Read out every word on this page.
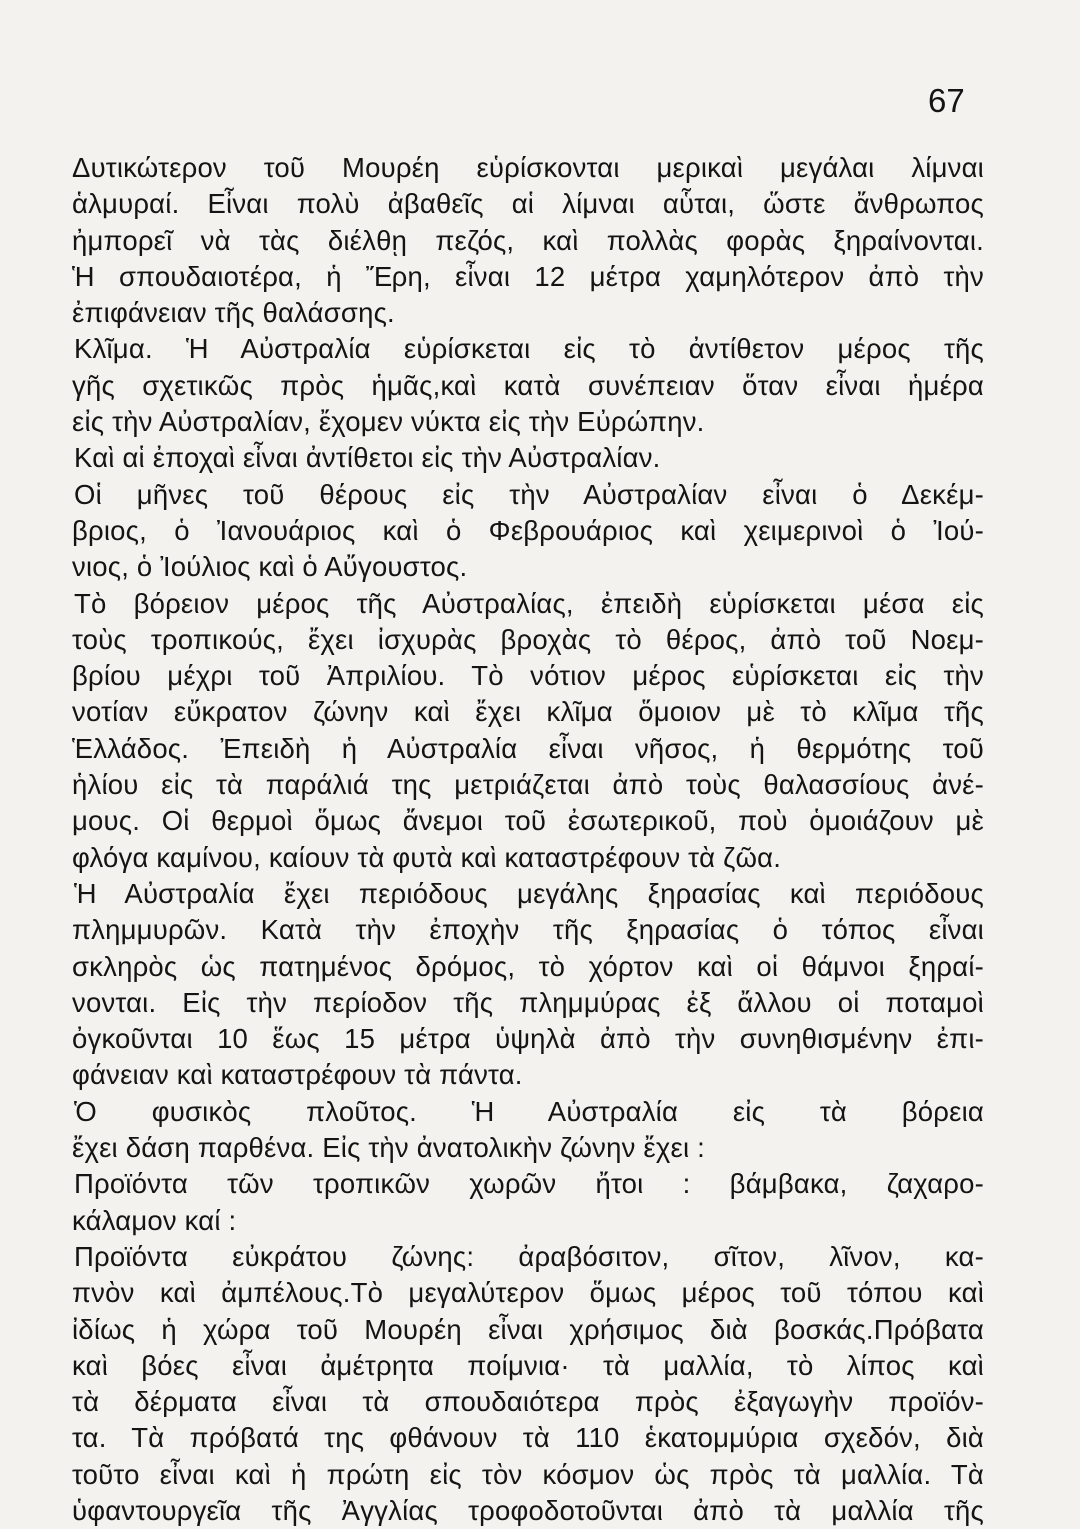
67
Δυτικώτερον τοῦ Μουρέη εὑρίσκονται μερικαὶ μεγάλαι λίμναι
ἁλμυραί. Εἶναι πολὺ ἀβαθεῖς αἱ λίμναι αὗται, ὥστε ἄνθρωπος
ἠμπορεῖ νὰ τὰς διέλθῃ πεζός, καὶ πολλὰς φορὰς ξηραίνονται.
Ἡ σπουδαιοτέρα, ἡ Ἔρη, εἶναι 12 μέτρα χαμηλότερον ἀπὸ τὴν
ἐπιφάνειαν τῆς θαλάσσης.
Κλῖμα. Ἡ Αὐστραλία εὑρίσκεται εἰς τὸ ἀντίθετον μέρος τῆς
γῆς σχετικῶς πρὸς ἡμᾶς,καὶ κατὰ συνέπειαν ὅταν εἶναι ἡμέρα
εἰς τὴν Αὐστραλίαν, ἔχομεν νύκτα εἰς τὴν Εὐρώπην.
Καὶ αἱ ἐποχαὶ εἶναι ἀντίθετοι εἰς τὴν Αὐστραλίαν.
Οἱ μῆνες τοῦ θέρους εἰς τὴν Αὐστραλίαν εἶναι ὁ Δεκέμ-
βριος, ὁ Ἰανουάριος καὶ ὁ Φεβρουάριος καὶ χειμερινοὶ ὁ Ἰού-
νιος, ὁ Ἰούλιος καὶ ὁ Αὔγουστος.
Τὸ βόρειον μέρος τῆς Αὐστραλίας, ἐπειδὴ εὑρίσκεται μέσα εἰς
τοὺς τροπικούς, ἔχει ἰσχυρὰς βροχὰς τὸ θέρος, ἀπὸ τοῦ Νοεμ-
βρίου μέχρι τοῦ Ἀπριλίου. Τὸ νότιον μέρος εὑρίσκεται εἰς τὴν
νοτίαν εὔκρατον ζώνην καὶ ἔχει κλῖμα ὅμοιον μὲ τὸ κλῖμα τῆς
Ἑλλάδος. Ἐπειδὴ ἡ Αὐστραλία εἶναι νῆσος, ἡ θερμότης τοῦ
ἡλίου εἰς τὰ παράλιά της μετριάζεται ἀπὸ τοὺς θαλασσίους ἀνέ-
μους. Οἱ θερμοὶ ὅμως ἄνεμοι τοῦ ἐσωτερικοῦ, ποὺ ὁμοιάζουν μὲ
φλόγα καμίνου, καίουν τὰ φυτὰ καὶ καταστρέφουν τὰ ζῶα.
Ἡ Αὐστραλία ἔχει περιόδους μεγάλης ξηρασίας καὶ περιόδους
πλημμυρῶν. Κατὰ τὴν ἐποχὴν τῆς ξηρασίας ὁ τόπος εἶναι
σκληρὸς ὡς πατημένος δρόμος, τὸ χόρτον καὶ οἱ θάμνοι ξηραί-
νονται. Εἰς τὴν περίοδον τῆς πλημμύρας ἐξ ἄλλου οἱ ποταμοὶ
ὀγκοῦνται 10 ἕως 15 μέτρα ὑψηλὰ ἀπὸ τὴν συνηθισμένην ἐπι-
φάνειαν καὶ καταστρέφουν τὰ πάντα.
Ὁ φυσικὸς πλοῦτος. Ἡ Αὐστραλία εἰς τὰ βόρεια
ἔχει δάση παρθένα. Εἰς τὴν ἀνατολικὴν ζώνην ἔχει :
Προϊόντα τῶν τροπικῶν χωρῶν ἤτοι : βάμβακα, ζαχαρο-
κάλαμον καί :
Προϊόντα εὐκράτου ζώνης: ἀραβόσιτον, σῖτον, λῖνον, κα-
πνὸν καὶ ἀμπέλους.Τὸ μεγαλύτερον ὅμως μέρος τοῦ τόπου καὶ
ἰδίως ἡ χώρα τοῦ Μουρέη εἶναι χρήσιμος διὰ βοσκάς.Πρόβατα
καὶ βόες εἶναι ἀμέτρητα ποίμνια· τὰ μαλλία, τὸ λίπος καὶ
τὰ δέρματα εἶναι τὰ σπουδαιότερα πρὸς ἐξαγωγὴν προϊόν-
τα. Τὰ πρόβατά της φθάνουν τὰ 110 ἑκατομμύρια σχεδόν, διὰ
τοῦτο εἶναι καὶ ἡ πρώτη εἰς τὸν κόσμον ὡς πρὸς τὰ μαλλία. Τὰ
ὑφαντουργεῖα τῆς Ἀγγλίας τροφοδοτοῦνται ἀπὸ τὰ μαλλία τῆς
